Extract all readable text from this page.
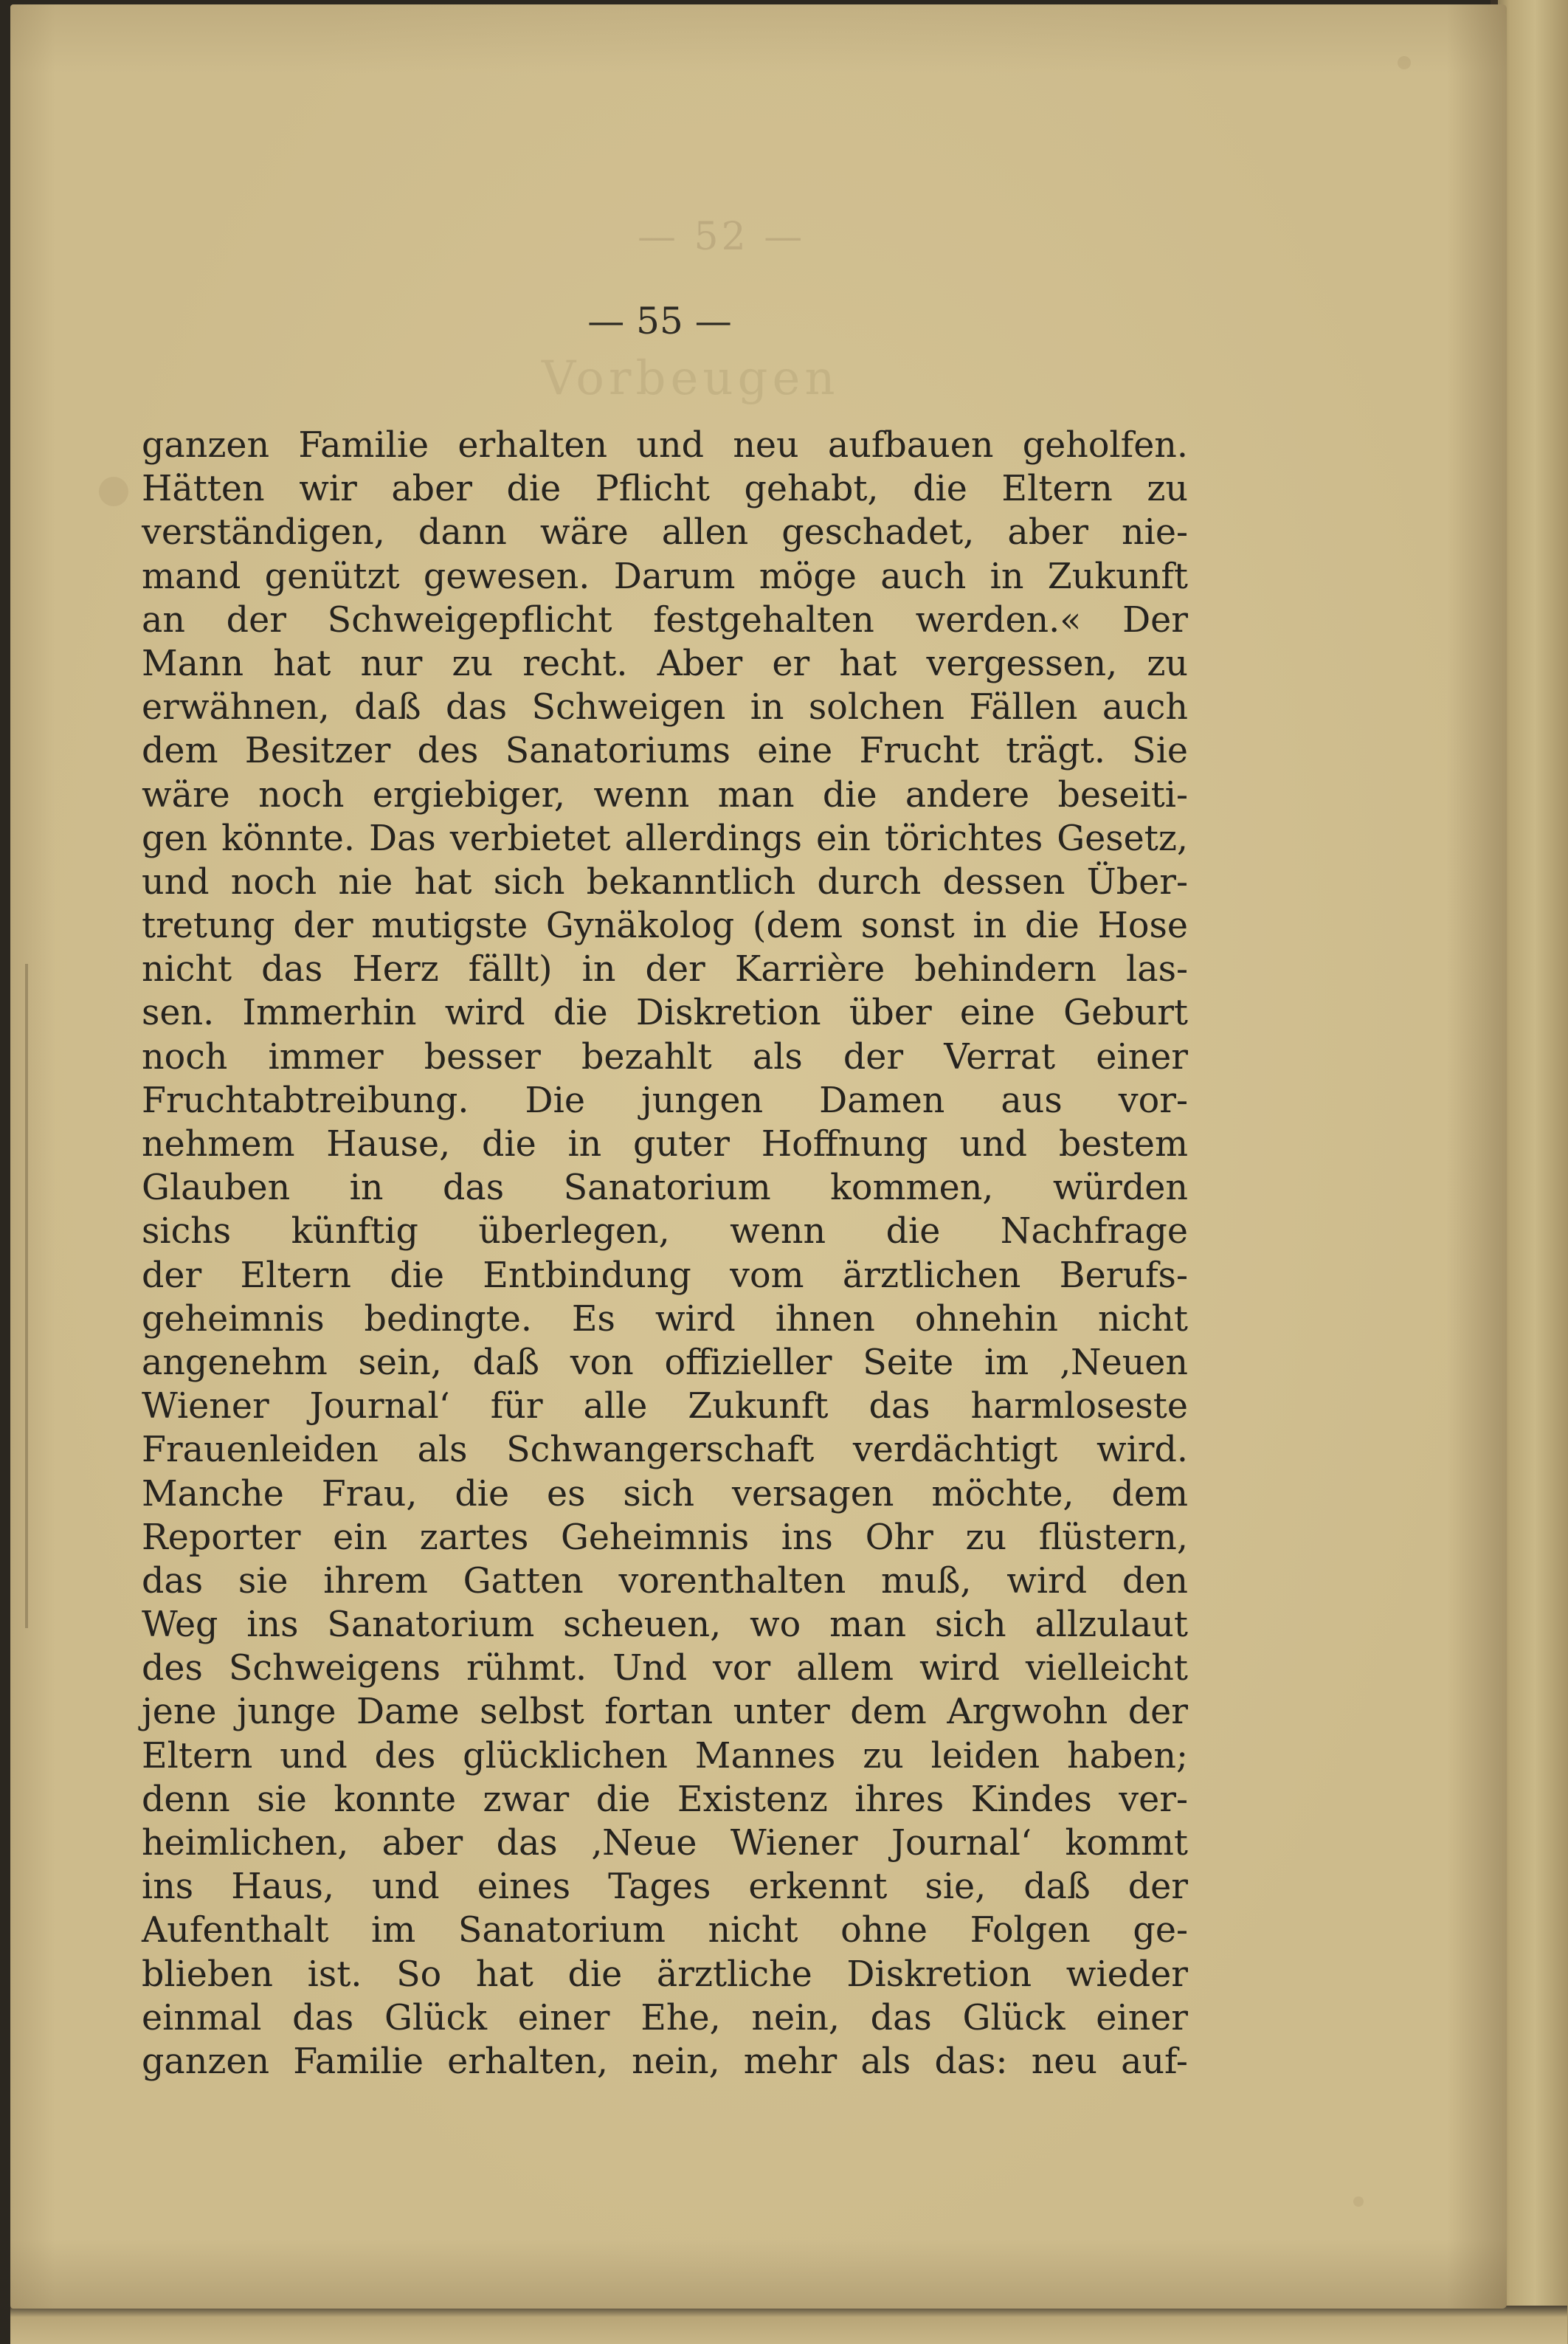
— 52 —
Vorbeugen
— 55 —
ganzen Familie erhalten und neu aufbauen geholfen.
Hätten wir aber die Pflicht gehabt, die Eltern zu
verständigen, dann wäre allen geschadet, aber nie-
mand genützt gewesen. Darum möge auch in Zukunft
an der Schweigepflicht festgehalten werden.« Der
Mann hat nur zu recht. Aber er hat vergessen, zu
erwähnen, daß das Schweigen in solchen Fällen auch
dem Besitzer des Sanatoriums eine Frucht trägt. Sie
wäre noch ergiebiger, wenn man die andere beseiti-
gen könnte. Das verbietet allerdings ein törichtes Gesetz,
und noch nie hat sich bekanntlich durch dessen Über-
tretung der mutigste Gynäkolog (dem sonst in die Hose
nicht das Herz fällt) in der Karrière behindern las-
sen. Immerhin wird die Diskretion über eine Geburt
noch immer besser bezahlt als der Verrat einer
Fruchtabtreibung. Die jungen Damen aus vor-
nehmem Hause, die in guter Hoffnung und bestem
Glauben in das Sanatorium kommen, würden
sichs künftig überlegen, wenn die Nachfrage
der Eltern die Entbindung vom ärztlichen Berufs-
geheimnis bedingte. Es wird ihnen ohnehin nicht
angenehm sein, daß von offizieller Seite im ‚Neuen
Wiener Journal‘ für alle Zukunft das harmloseste
Frauenleiden als Schwangerschaft verdächtigt wird.
Manche Frau, die es sich versagen möchte, dem
Reporter ein zartes Geheimnis ins Ohr zu flüstern,
das sie ihrem Gatten vorenthalten muß, wird den
Weg ins Sanatorium scheuen, wo man sich allzulaut
des Schweigens rühmt. Und vor allem wird vielleicht
jene junge Dame selbst fortan unter dem Argwohn der
Eltern und des glücklichen Mannes zu leiden haben;
denn sie konnte zwar die Existenz ihres Kindes ver-
heimlichen, aber das ‚Neue Wiener Journal‘ kommt
ins Haus, und eines Tages erkennt sie, daß der
Aufenthalt im Sanatorium nicht ohne Folgen ge-
blieben ist. So hat die ärztliche Diskretion wieder
einmal das Glück einer Ehe, nein, das Glück einer
ganzen Familie erhalten, nein, mehr als das: neu auf-
